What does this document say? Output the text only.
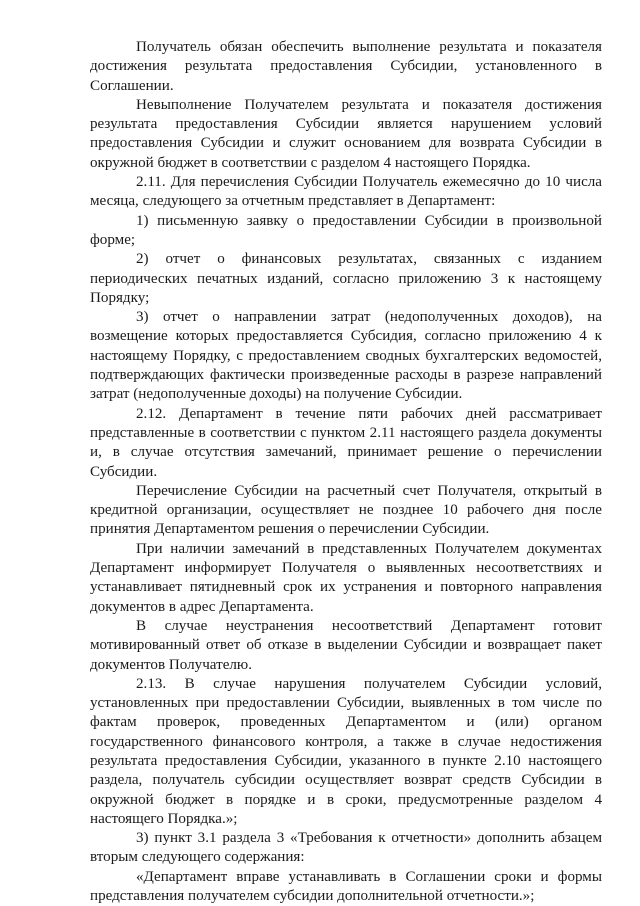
Получатель обязан обеспечить выполнение результата и показателя достижения результата предоставления Субсидии, установленного в Соглашении.

Невыполнение Получателем результата и показателя достижения результата предоставления Субсидии является нарушением условий предоставления Субсидии и служит основанием для возврата Субсидии в окружной бюджет в соответствии с разделом 4 настоящего Порядка.

2.11. Для перечисления Субсидии Получатель ежемесячно до 10 числа месяца, следующего за отчетным представляет в Департамент:

1) письменную заявку о предоставлении Субсидии в произвольной форме;

2) отчет о финансовых результатах, связанных с изданием периодических печатных изданий, согласно приложению 3 к настоящему Порядку;

3) отчет о направлении затрат (недополученных доходов), на возмещение которых предоставляется Субсидия, согласно приложению 4 к настоящему Порядку, с предоставлением сводных бухгалтерских ведомостей, подтверждающих фактически произведенные расходы в разрезе направлений затрат (недополученные доходы) на получение Субсидии.

2.12. Департамент в течение пяти рабочих дней рассматривает представленные в соответствии с пунктом 2.11 настоящего раздела документы и, в случае отсутствия замечаний, принимает решение о перечислении Субсидии.

Перечисление Субсидии на расчетный счет Получателя, открытый в кредитной организации, осуществляет не позднее 10 рабочего дня после принятия Департаментом решения о перечислении Субсидии.

При наличии замечаний в представленных Получателем документах Департамент информирует Получателя о выявленных несоответствиях и устанавливает пятидневный срок их устранения и повторного направления документов в адрес Департамента.

В случае неустранения несоответствий Департамент готовит мотивированный ответ об отказе в выделении Субсидии и возвращает пакет документов Получателю.

2.13. В случае нарушения получателем Субсидии условий, установленных при предоставлении Субсидии, выявленных в том числе по фактам проверок, проведенных Департаментом и (или) органом государственного финансового контроля, а также в случае недостижения результата предоставления Субсидии, указанного в пункте 2.10 настоящего раздела, получатель субсидии осуществляет возврат средств Субсидии в окружной бюджет в порядке и в сроки, предусмотренные разделом 4 настоящего Порядка.»;

3) пункт 3.1 раздела 3 «Требования к отчетности» дополнить абзацем вторым следующего содержания:

«Департамент вправе устанавливать в Соглашении сроки и формы представления получателем субсидии дополнительной отчетности.»;
